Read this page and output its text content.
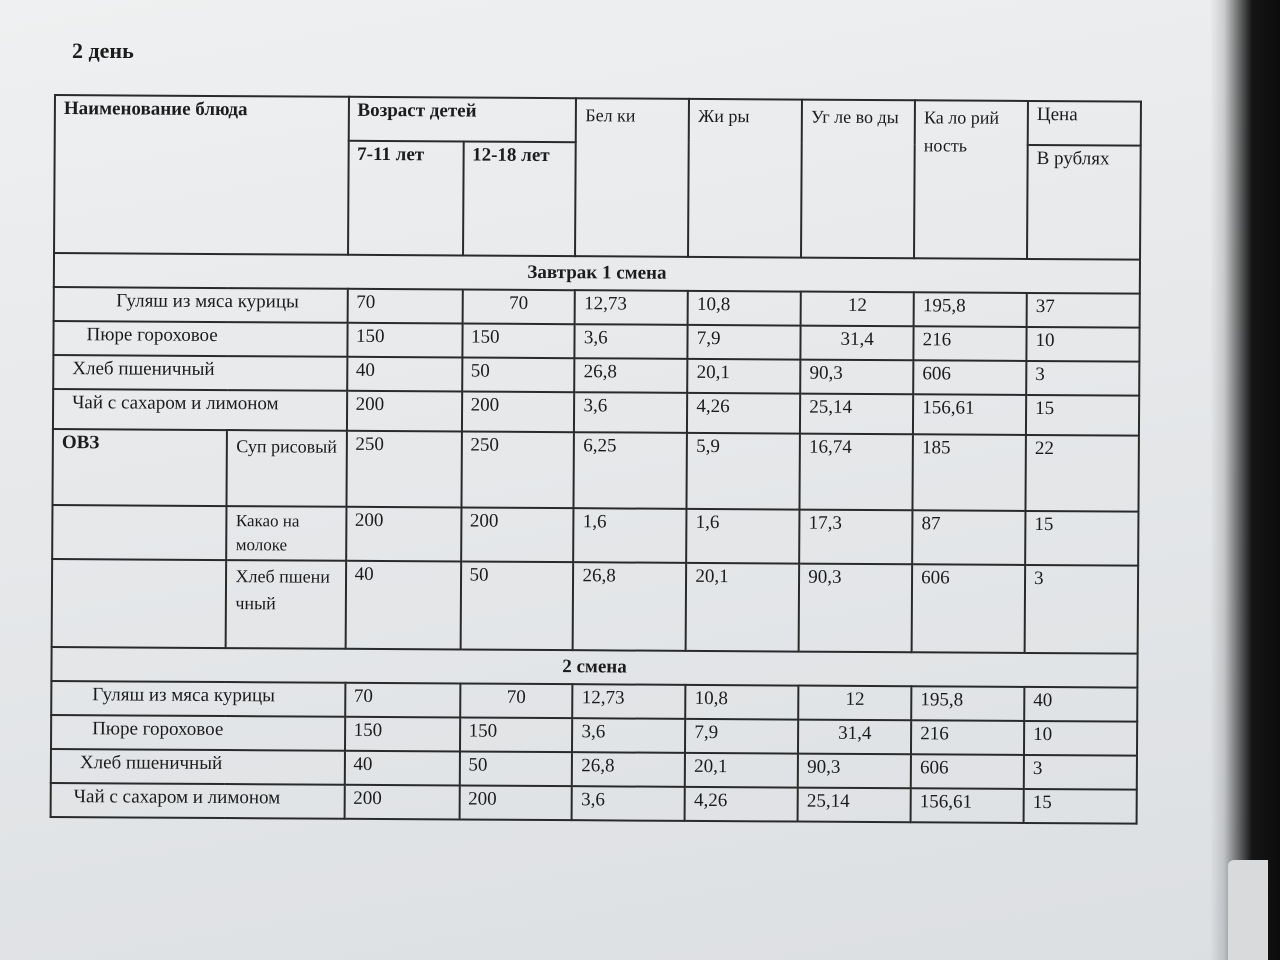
2 день
Наименование блюда		Возраст детей		Бел ки	Жи ры	Уг ле во ды	Ка ло рий ность	Цена
		7-11 лет	12-18 лет					В рублях
Завтрак 1 смена								
Гуляш из мяса курицы		70	70	12,73	10,8	12	195,8	37
Пюре гороховое		150	150	3,6	7,9	31,4	216	10
Хлеб пшеничный		40	50	26,8	20,1	90,3	606	3
Чай с сахаром и лимоном		200	200	3,6	4,26	25,14	156,61	15
ОВЗ	Суп рисовый	250	250	6,25	5,9	16,74	185	22
	Какао на молоке	200	200	1,6	1,6	17,3	87	15
	Хлеб пшеничный	40	50	26,8	20,1	90,3	606	3
2 смена								
Гуляш из мяса курицы		70	70	12,73	10,8	12	195,8	40
Пюре гороховое		150	150	3,6	7,9	31,4	216	10
Хлеб пшеничный		40	50	26,8	20,1	90,3	606	3
Чай с сахаром и лимоном		200	200	3,6	4,26	25,14	156,61	15
